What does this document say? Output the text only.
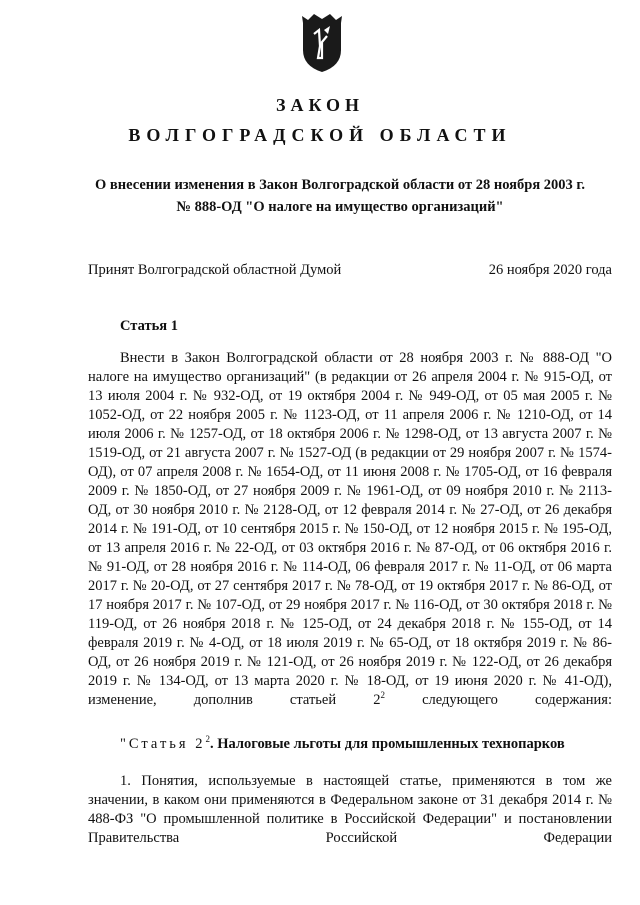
ЗАКОН
ВОЛГОГРАДСКОЙ ОБЛАСТИ
О внесении изменения в Закон Волгоградской области от 28 ноября 2003 г.
№ 888-ОД "О налоге на имущество организаций"
Принят Волгоградской областной Думой	26 ноября 2020 года
Статья 1

Внести в Закон Волгоградской области от 28 ноября 2003 г. № 888-ОД "О налоге на имущество организаций" (в редакции от 26 апреля 2004 г. № 915-ОД, от 13 июля 2004 г. № 932-ОД, от 19 октября 2004 г. № 949-ОД, от 05 мая 2005 г. № 1052-ОД, от 22 ноября 2005 г. № 1123-ОД, от 11 апреля 2006 г. № 1210-ОД, от 14 июля 2006 г. № 1257-ОД, от 18 октября 2006 г. № 1298-ОД, от 13 августа 2007 г. № 1519-ОД, от 21 августа 2007 г. № 1527-ОД (в редакции от 29 ноября 2007 г. № 1574-ОД), от 07 апреля 2008 г. № 1654-ОД, от 11 июня 2008 г. № 1705-ОД, от 16 февраля 2009 г. № 1850-ОД, от 27 ноября 2009 г. № 1961-ОД, от 09 ноября 2010 г. № 2113-ОД, от 30 ноября 2010 г. № 2128-ОД, от 12 февраля 2014 г. № 27-ОД, от 26 декабря 2014 г. № 191-ОД, от 10 сентября 2015 г. № 150-ОД, от 12 ноября 2015 г. № 195-ОД, от 13 апреля 2016 г. № 22-ОД, от 03 октября 2016 г. № 87-ОД, от 06 октября 2016 г. № 91-ОД, от 28 ноября 2016 г. № 114-ОД, 06 февраля 2017 г. № 11-ОД, от 06 марта 2017 г. № 20-ОД, от 27 сентября 2017 г. № 78-ОД, от 19 октября 2017 г. № 86-ОД, от 17 ноября 2017 г. № 107-ОД, от 29 ноября 2017 г. № 116-ОД, от 30 октября 2018 г. № 119-ОД, от 26 ноября 2018 г. № 125-ОД, от 24 декабря 2018 г. № 155-ОД, от 14 февраля 2019 г. № 4-ОД, от 18 июля 2019 г. № 65-ОД, от 18 октября 2019 г. № 86-ОД, от 26 ноября 2019 г. № 121-ОД, от 26 ноября 2019 г. № 122-ОД, от 26 декабря 2019 г. № 134-ОД, от 13 марта 2020 г. № 18-ОД, от 19 июня 2020 г. № 41-ОД), изменение, дополнив статьей $2^2$ следующего содержания:

"Статья $2^2$. Налоговые льготы для промышленных технопарков

1. Понятия, используемые в настоящей статье, применяются в том же значении, в каком они применяются в Федеральном законе от 31 декабря 2014 г. № 488-ФЗ "О промышленной политике в Российской Федерации" и постановлении Правительства Российской Федерации
